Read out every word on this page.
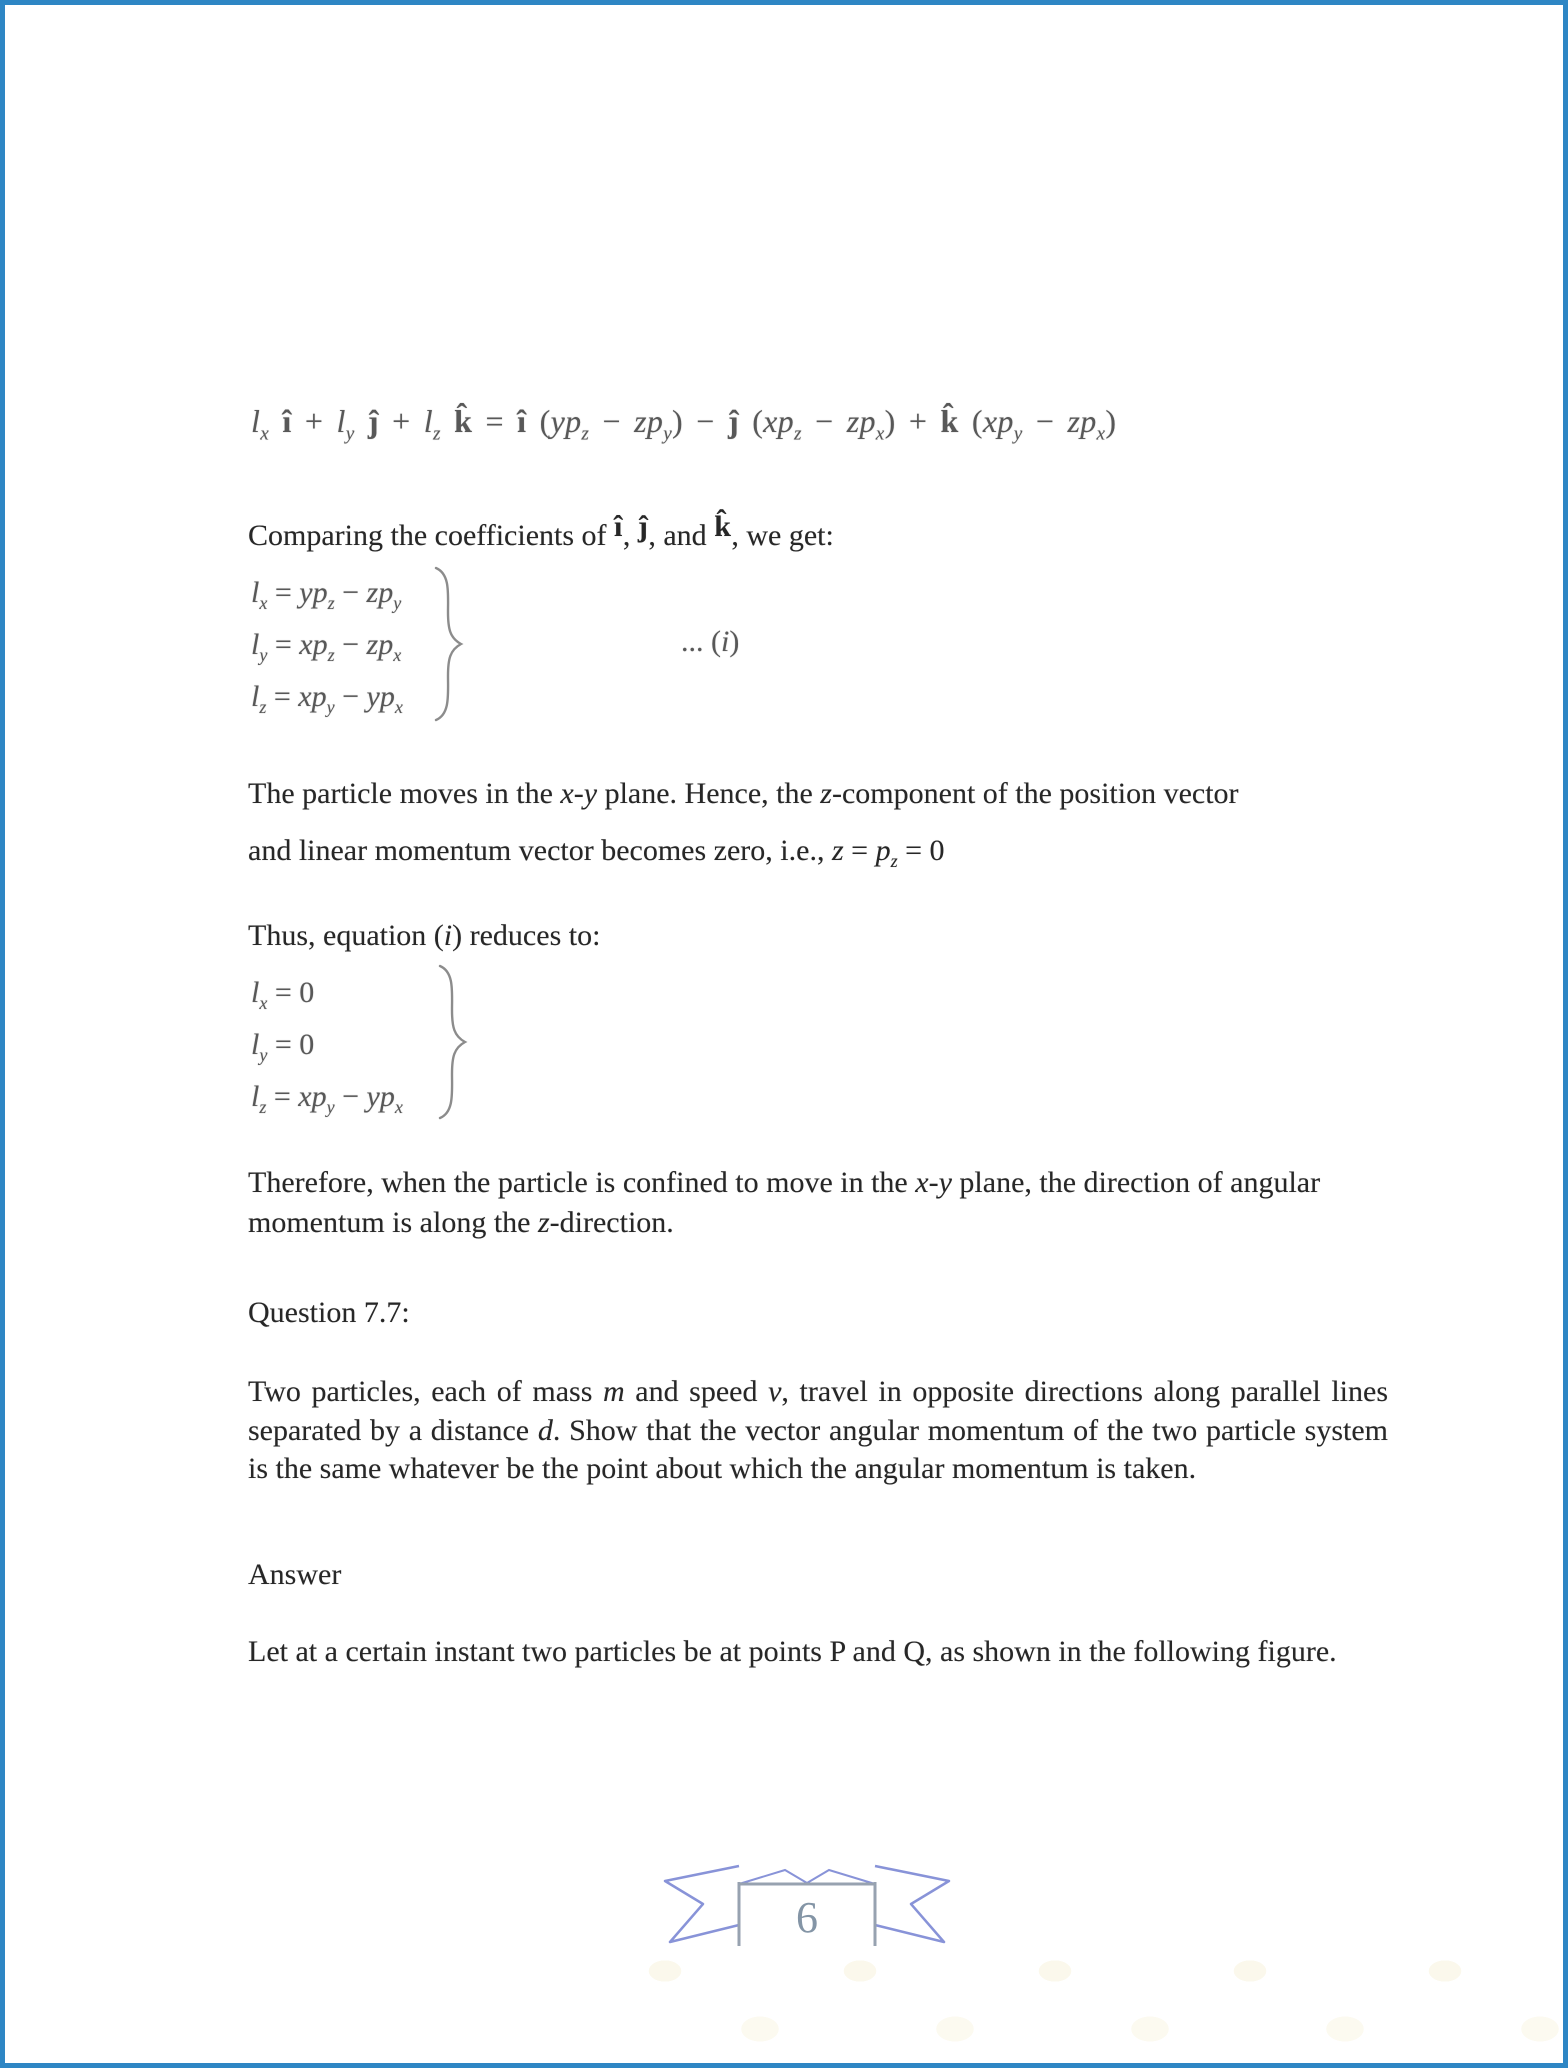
$l_x$ î + $l_y$ ĵ + $l_z$ k̂ = î $(yp_z - zp_y)$ − ĵ $(xp_z - zp_x)$ + k̂ $(xp_y - zp_x)$
Comparing the coefficients of î, ĵ, and k̂, we get:
$l_x = yp_z - zp_y$
$l_y = xp_z - zp_x$
$l_z = xp_y - yp_x$
... (i)
The particle moves in the x-y plane. Hence, the z-component of the position vector
and linear momentum vector becomes zero, i.e., $z = p_z = 0$
Thus, equation (i) reduces to:
$l_x = 0$
$l_y = 0$
$l_z = xp_y - yp_x$
Therefore, when the particle is confined to move in the x-y plane, the direction of angular momentum is along the z-direction.
Question 7.7:
Two particles, each of mass m and speed v, travel in opposite directions along parallel lines separated by a distance d. Show that the vector angular momentum of the two particle system is the same whatever be the point about which the angular momentum is taken.
Answer
Let at a certain instant two particles be at points P and Q, as shown in the following figure.
6
